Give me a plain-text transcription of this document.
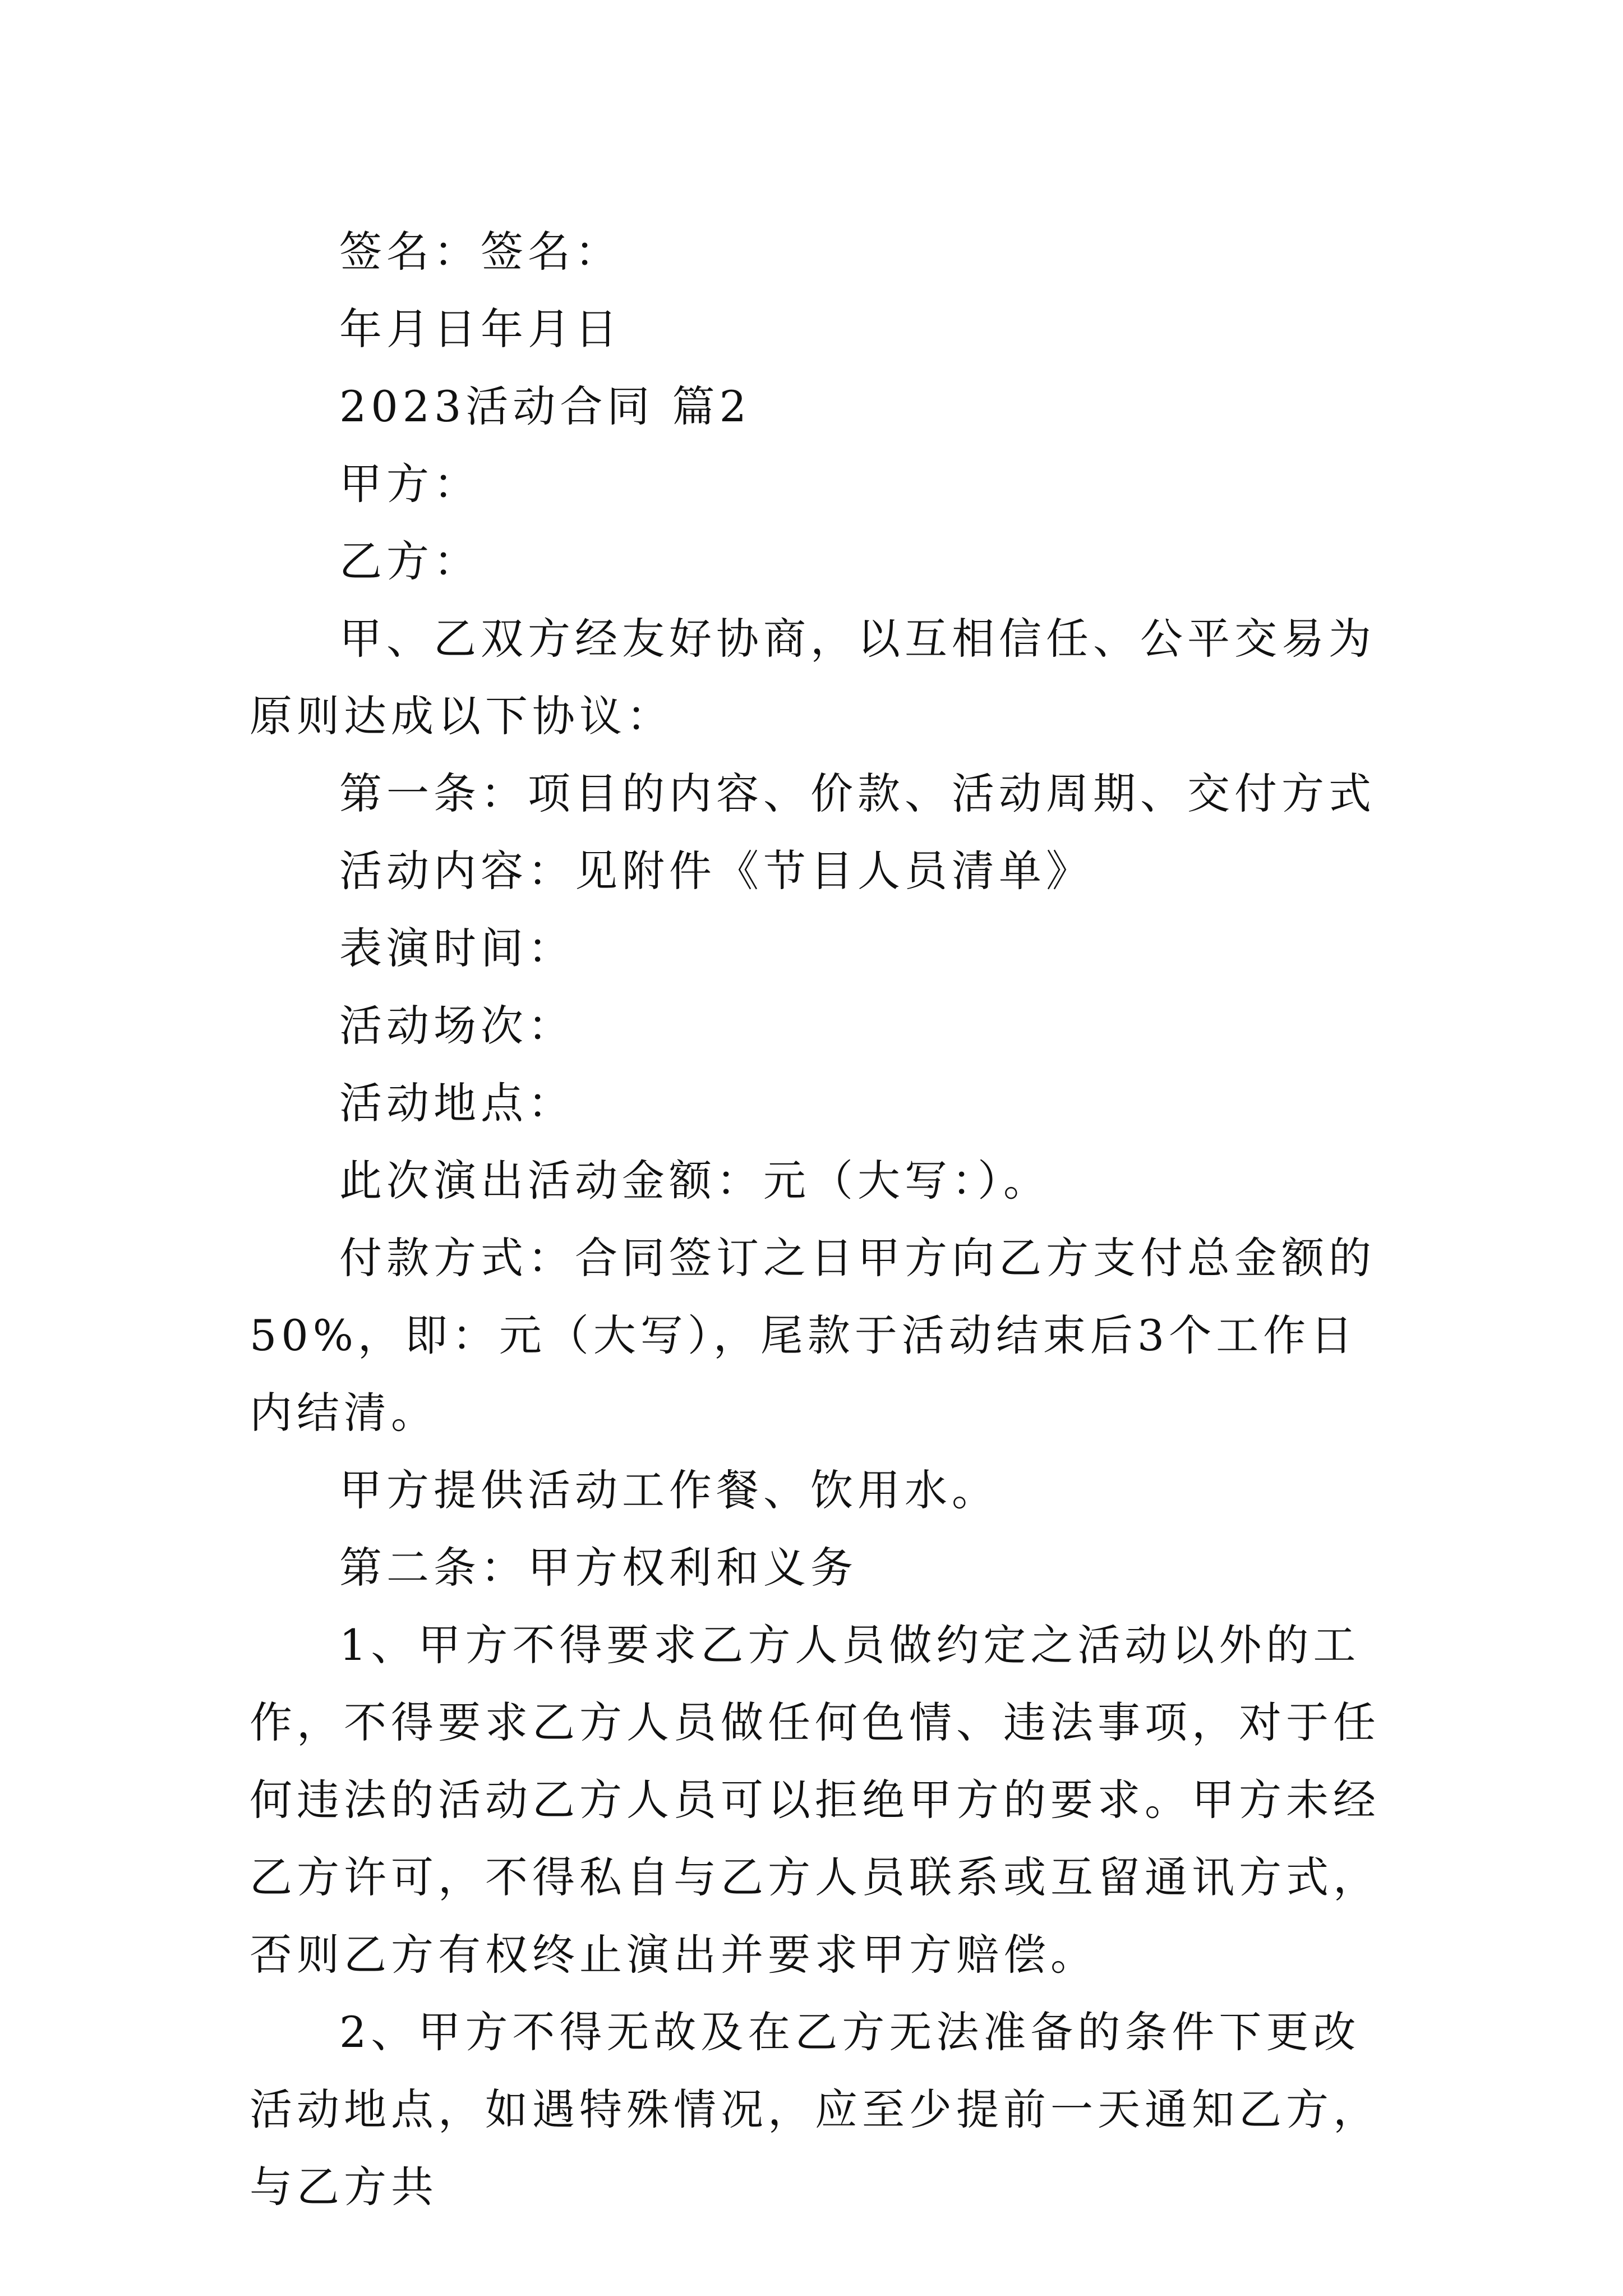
签名：签名：

年月日年月日

2023活动合同 篇2

甲方：

乙方：

甲、乙双方经友好协商，以互相信任、公平交易为原则达成以下协议：

第一条：项目的内容、价款、活动周期、交付方式

活动内容：见附件《节目人员清单》

表演时间：

活动场次：

活动地点：

此次演出活动金额：元（大写：）。

付款方式：合同签订之日甲方向乙方支付总金额的50%，即：元（大写），尾款于活动结束后3个工作日内结清。

甲方提供活动工作餐、饮用水。

第二条：甲方权利和义务

1、甲方不得要求乙方人员做约定之活动以外的工作，不得要求乙方人员做任何色情、违法事项，对于任何违法的活动乙方人员可以拒绝甲方的要求。甲方未经乙方许可，不得私自与乙方人员联系或互留通讯方式，否则乙方有权终止演出并要求甲方赔偿。

2、甲方不得无故及在乙方无法准备的条件下更改活动地点，如遇特殊情况，应至少提前一天通知乙方，与乙方共
